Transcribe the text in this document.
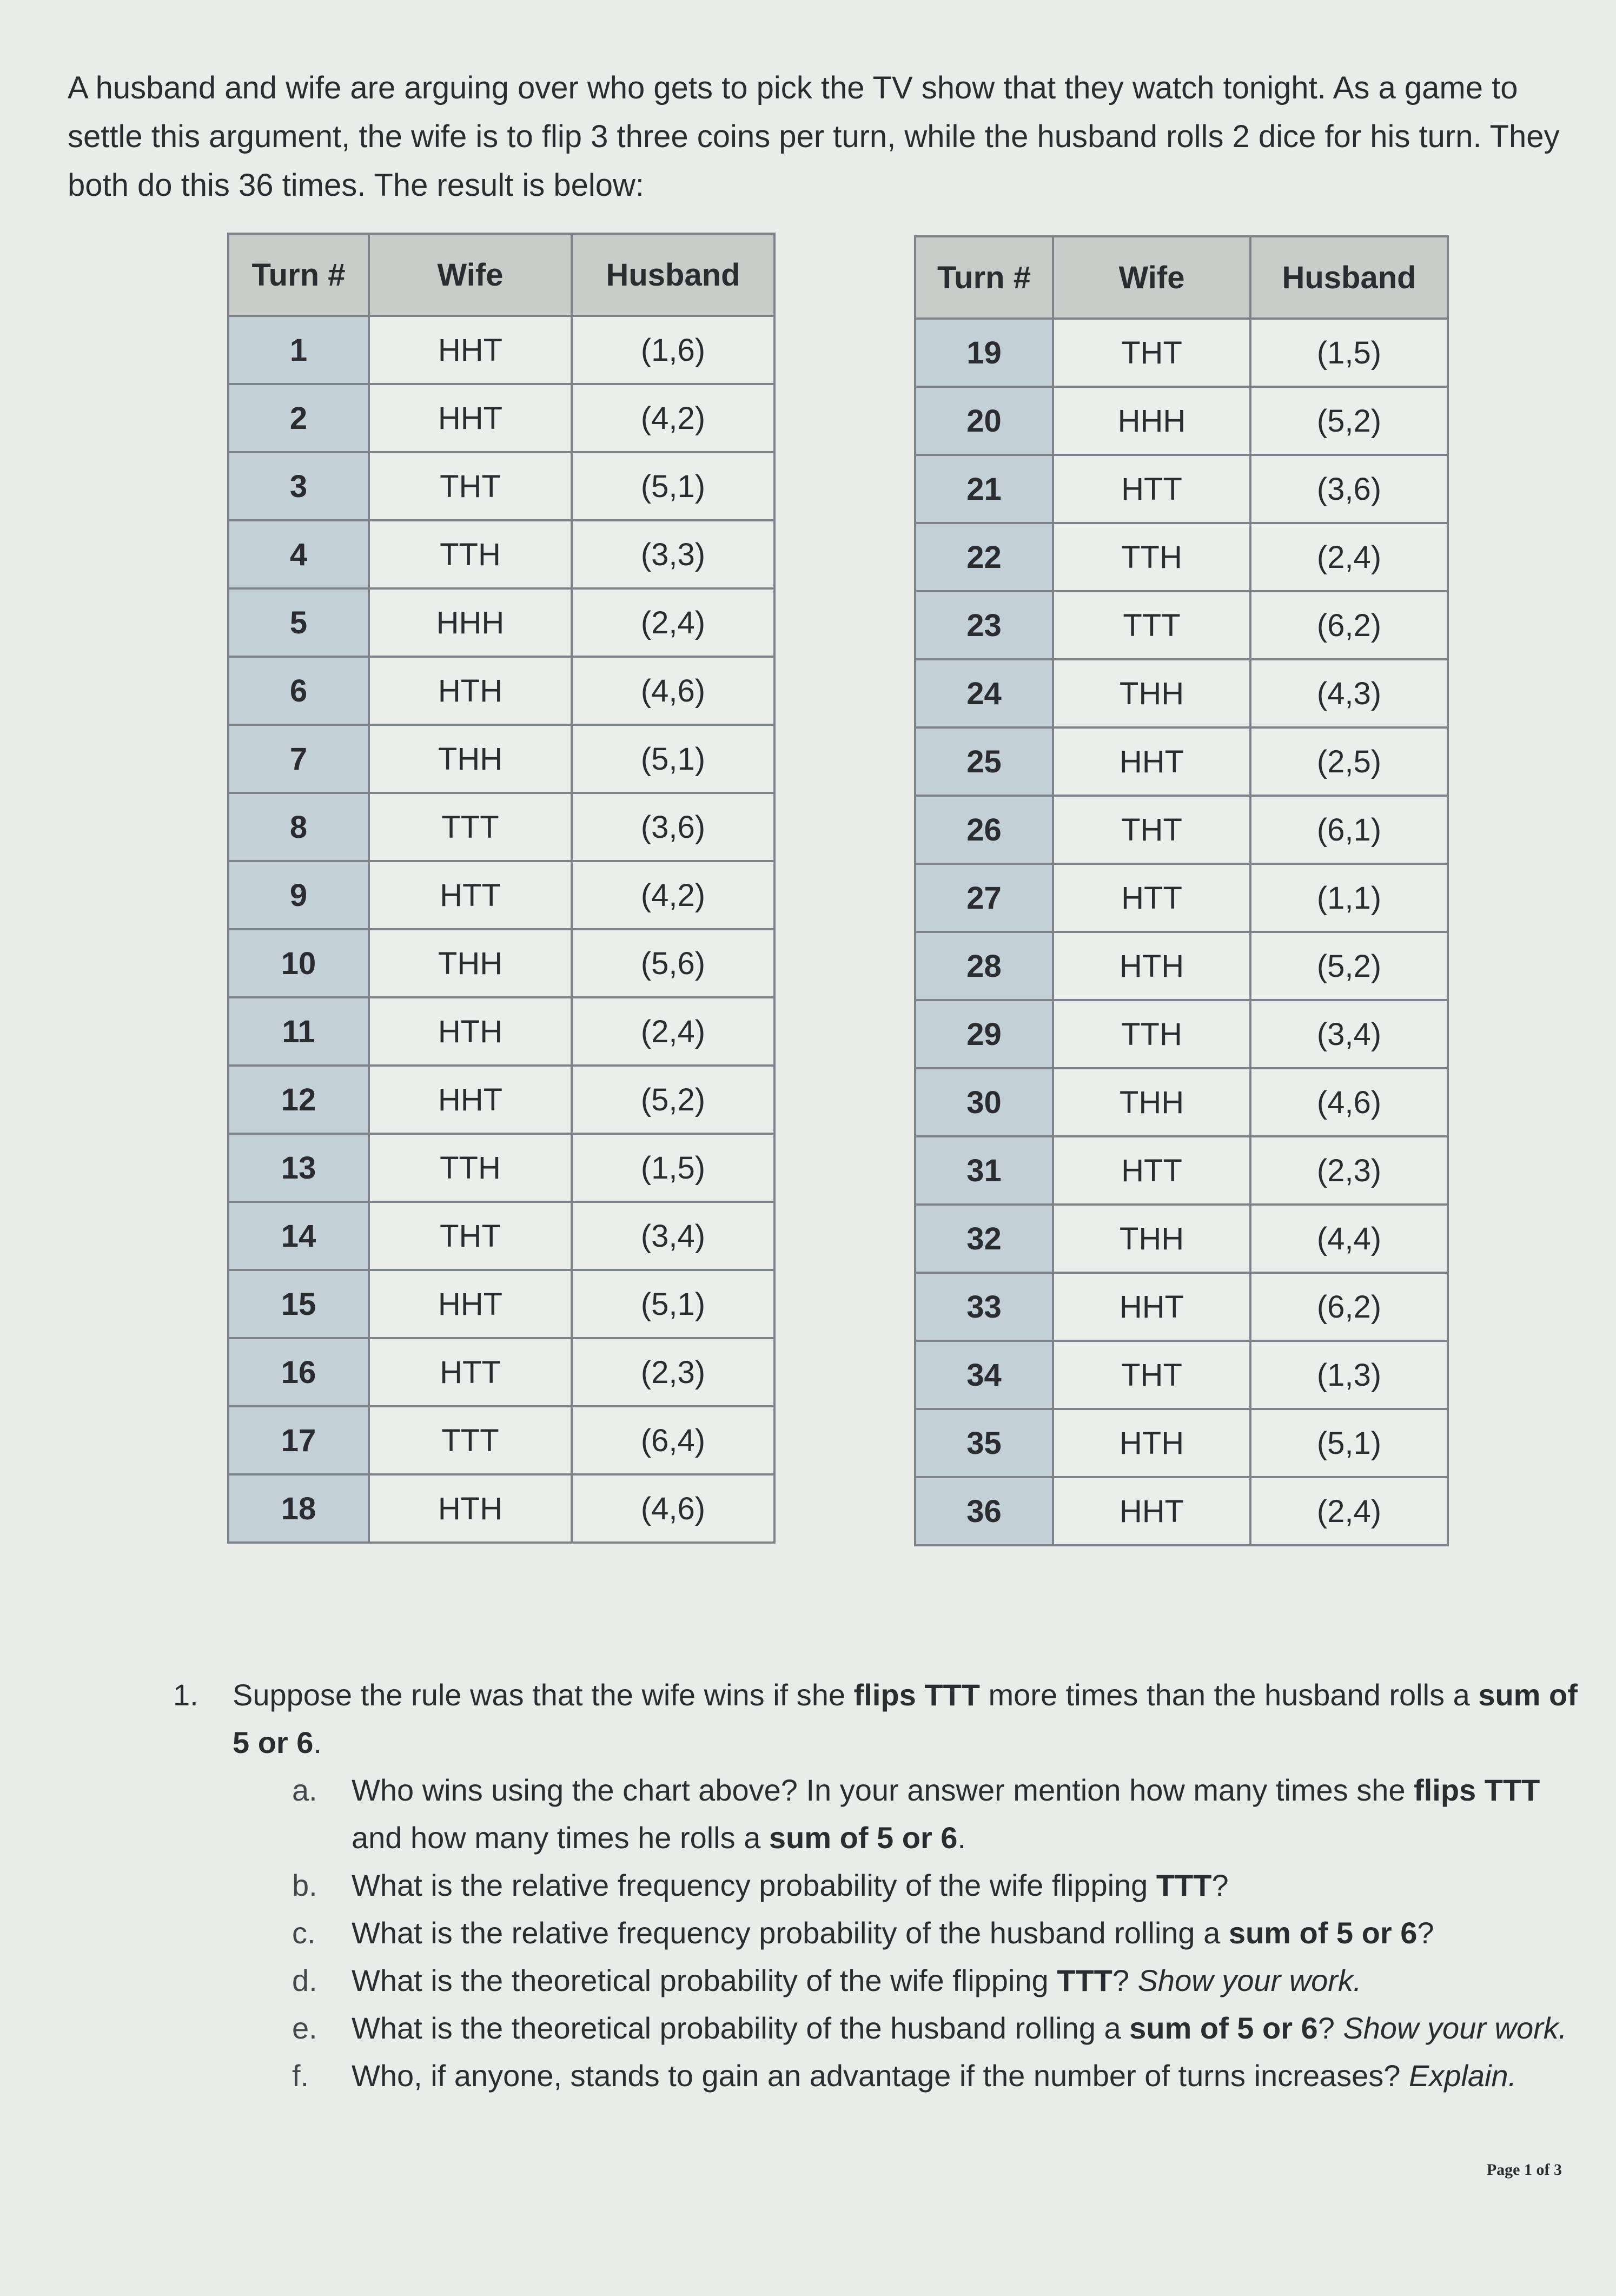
A husband and wife are arguing over who gets to pick the TV show that they watch tonight. As a game to settle this argument, the wife is to flip 3 three coins per turn, while the husband rolls 2 dice for his turn. They both do this 36 times. The result is below:

Turn #	Wife	Husband
1	HHT	(1,6)
2	HHT	(4,2)
3	THT	(5,1)
4	TTH	(3,3)
5	HHH	(2,4)
6	HTH	(4,6)
7	THH	(5,1)
8	TTT	(3,6)
9	HTT	(4,2)
10	THH	(5,6)
11	HTH	(2,4)
12	HHT	(5,2)
13	TTH	(1,5)
14	THT	(3,4)
15	HHT	(5,1)
16	HTT	(2,3)
17	TTT	(6,4)
18	HTH	(4,6)
Turn #	Wife	Husband
19	THT	(1,5)
20	HHH	(5,2)
21	HTT	(3,6)
22	TTH	(2,4)
23	TTT	(6,2)
24	THH	(4,3)
25	HHT	(2,5)
26	THT	(6,1)
27	HTT	(1,1)
28	HTH	(5,2)
29	TTH	(3,4)
30	THH	(4,6)
31	HTT	(2,3)
32	THH	(4,4)
33	HHT	(6,2)
34	THT	(1,3)
35	HTH	(5,1)
36	HHT	(2,4)
1.	Suppose the rule was that the wife wins if she flips TTT more times than the husband rolls a sum of 5 or 6.
a.	Who wins using the chart above? In your answer mention how many times she flips TTT and how many times he rolls a sum of 5 or 6.
b.	What is the relative frequency probability of the wife flipping TTT?
c.	What is the relative frequency probability of the husband rolling a sum of 5 or 6?
d.	What is the theoretical probability of the wife flipping TTT? Show your work.
e.	What is the theoretical probability of the husband rolling a sum of 5 or 6? Show your work.
f.	Who, if anyone, stands to gain an advantage if the number of turns increases? Explain.
Page 1 of 3
